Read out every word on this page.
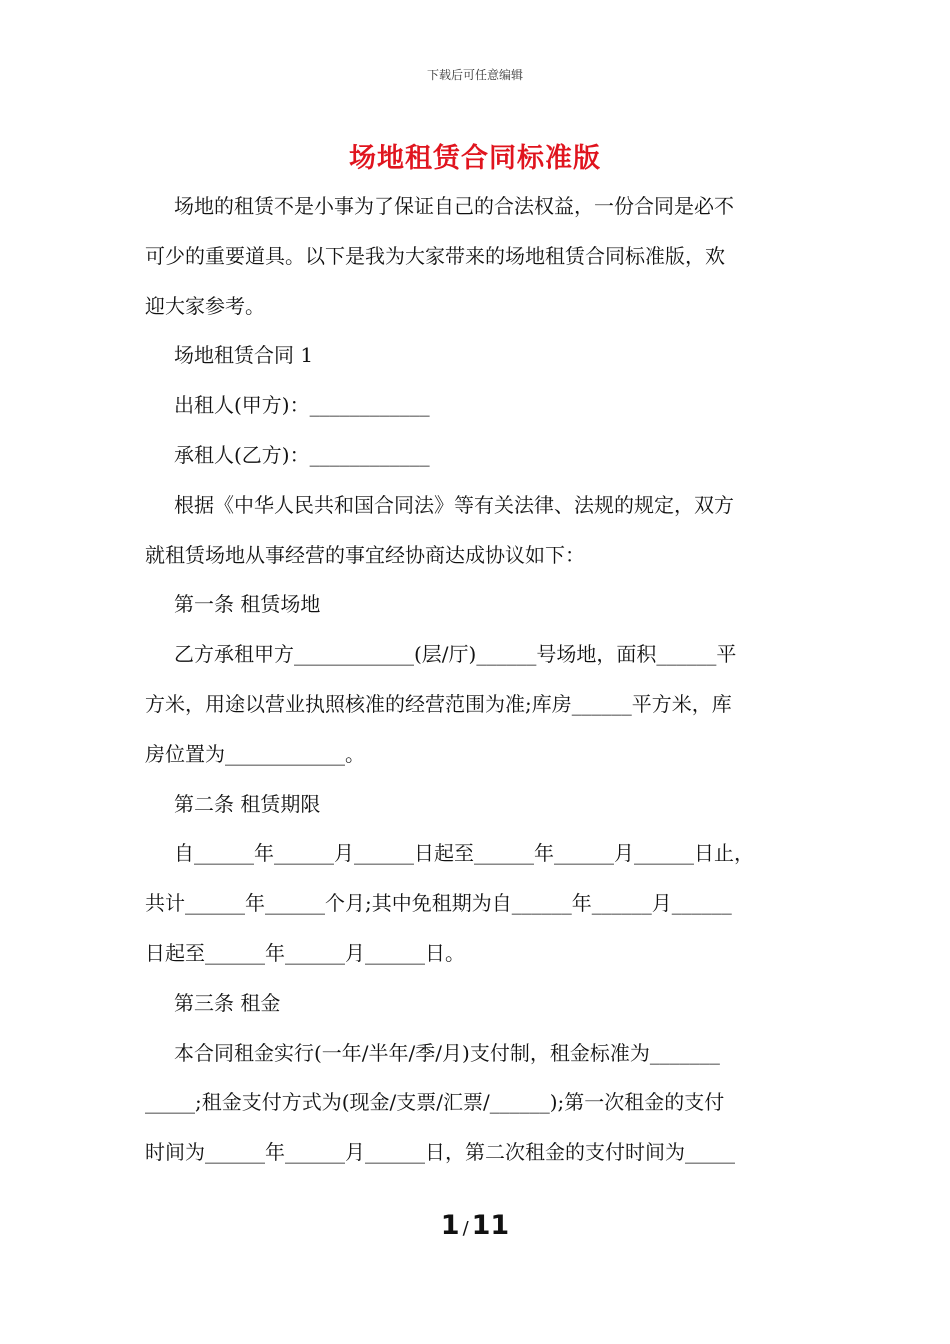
下载后可任意编辑
场地租赁合同标准版

场地的租赁不是小事为了保证自己的合法权益，一份合同是必不

可少的重要道具。以下是我为大家带来的场地租赁合同标准版，欢

迎大家参考。

场地租赁合同 1

出租人(甲方)：____________

承租人(乙方)：____________

根据《中华人民共和国合同法》等有关法律、法规的规定，双方

就租赁场地从事经营的事宜经协商达成协议如下：

第一条 租赁场地

乙方承租甲方____________(层/厅)______号场地，面积______平

方米，用途以营业执照核准的经营范围为准;库房______平方米，库

房位置为____________。

第二条 租赁期限

自______年______月______日起至______年______月______日止，

共计______年______个月;其中免租期为自______年______月______

日起至______年______月______日。

第三条 租金

本合同租金实行(一年/半年/季/月)支付制，租金标准为_______

_____;租金支付方式为(现金/支票/汇票/______);第一次租金的支付

时间为______年______月______日，第二次租金的支付时间为_____

1 / 11
